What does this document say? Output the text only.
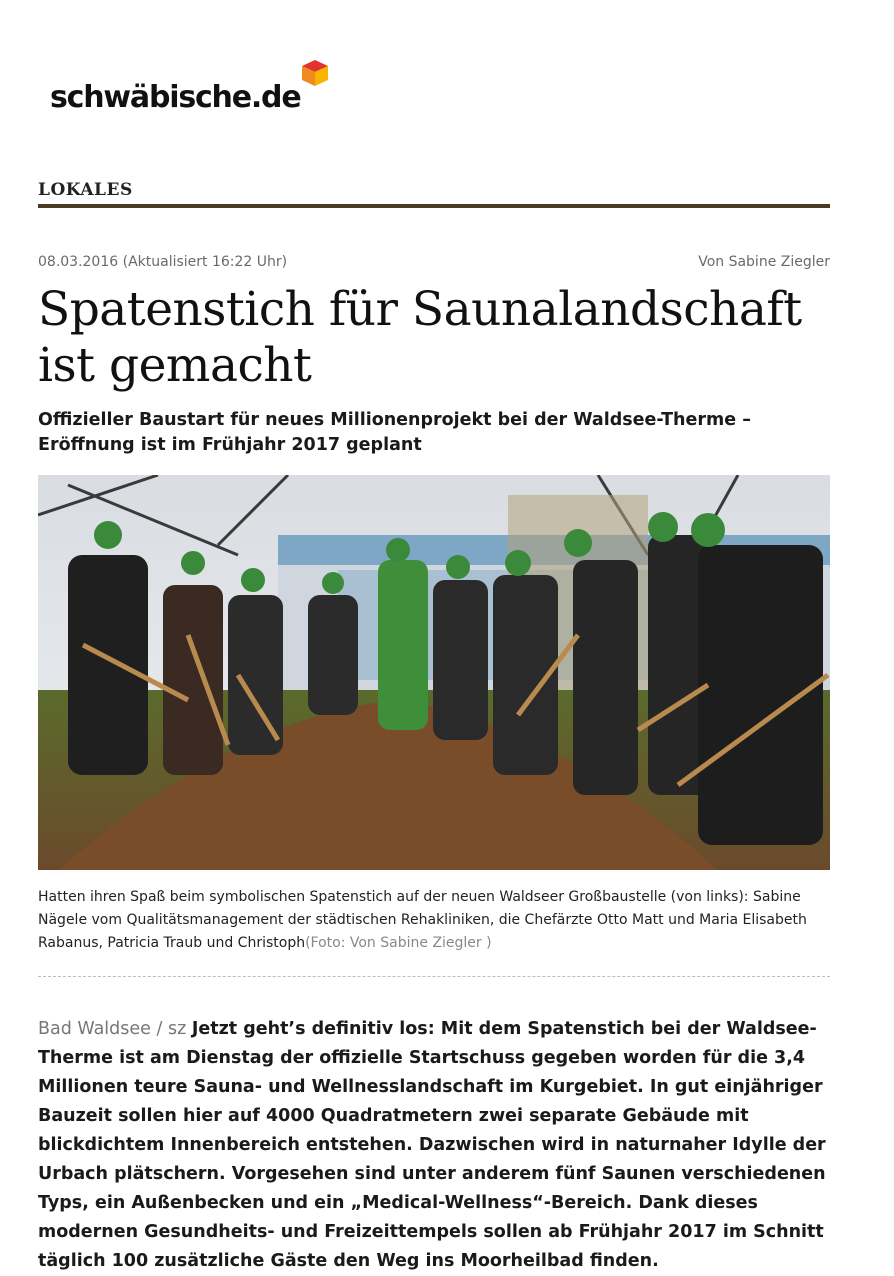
schwäbische.de
LOKALES
08.03.2016 (Aktualisiert 16:22 Uhr)	Von Sabine Ziegler
Spatenstich für Saunalandschaft ist gemacht

Offizieller Baustart für neues Millionenprojekt bei der Waldsee-Therme – Eröffnung ist im Frühjahr 2017 geplant

Hatten ihren Spaß beim symbolischen Spatenstich auf der neuen Waldseer Großbaustelle (von links): Sabine Nägele vom Qualitätsmanagement der städtischen Rehakliniken, die Chefärzte Otto Matt und Maria Elisabeth Rabanus, Patricia Traub und Christoph(Foto: Von Sabine Ziegler )
Bad Waldsee / sz Jetzt geht’s definitiv los: Mit dem Spatenstich bei der Waldsee-Therme ist am Dienstag der offizielle Startschuss gegeben worden für die 3,4 Millionen teure Sauna- und Wellnesslandschaft im Kurgebiet. In gut einjähriger Bauzeit sollen hier auf 4000 Quadratmetern zwei separate Gebäude mit blickdichtem Innenbereich entstehen. Dazwischen wird in naturnaher Idylle der Urbach plätschern. Vorgesehen sind unter anderem fünf Saunen verschiedenen Typs, ein Außenbecken und ein „Medical-Wellness“-Bereich. Dank dieses modernen Gesundheits- und Freizeittempels sollen ab Frühjahr 2017 im Schnitt täglich 100 zusätzliche Gäste den Weg ins Moorheilbad finden.
